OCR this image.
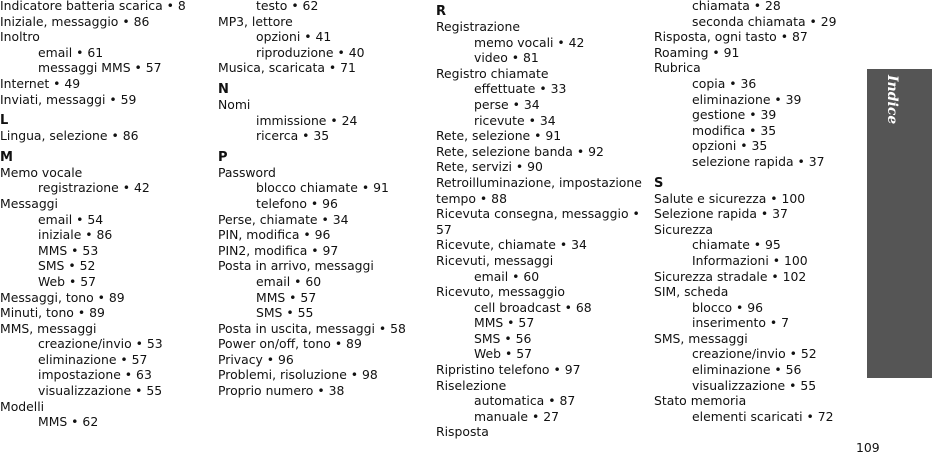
Indicatore batteria scarica • 8
Iniziale, messaggio • 86
Inoltro
email • 61
messaggi MMS • 57
Internet • 49
Inviati, messaggi • 59
L
Lingua, selezione • 86
M
Memo vocale
registrazione • 42
Messaggi
email • 54
iniziale • 86
MMS • 53
SMS • 52
Web • 57
Messaggi, tono • 89
Minuti, tono • 89
MMS, messaggi
creazione/invio • 53
eliminazione • 57
impostazione • 63
visualizzazione • 55
Modelli
MMS • 62
testo • 62
MP3, lettore
opzioni • 41
riproduzione • 40
Musica, scaricata • 71
N
Nomi
immissione • 24
ricerca • 35
P
Password
blocco chiamate • 91
telefono • 96
Perse, chiamate • 34
PIN, modifica • 96
PIN2, modifica • 97
Posta in arrivo, messaggi
email • 60
MMS • 57
SMS • 55
Posta in uscita, messaggi • 58
Power on/off, tono • 89
Privacy • 96
Problemi, risoluzione • 98
Proprio numero • 38
R
Registrazione
memo vocali • 42
video • 81
Registro chiamate
effettuate • 33
perse • 34
ricevute • 34
Rete, selezione • 91
Rete, selezione banda • 92
Rete, servizi • 90
Retroilluminazione, impostazione tempo • 88
Ricevuta consegna, messaggio • 57
Ricevute, chiamate • 34
Ricevuti, messaggi
email • 60
Ricevuto, messaggio
cell broadcast • 68
MMS • 57
SMS • 56
Web • 57
Ripristino telefono • 97
Riselezione
automatica • 87
manuale • 27
Risposta
chiamata • 28
seconda chiamata • 29
Risposta, ogni tasto • 87
Roaming • 91
Rubrica
copia • 36
eliminazione • 39
gestione • 39
modifica • 35
opzioni • 35
selezione rapida • 37
S
Salute e sicurezza • 100
Selezione rapida • 37
Sicurezza
chiamate • 95
Informazioni • 100
Sicurezza stradale • 102
SIM, scheda
blocco • 96
inserimento • 7
SMS, messaggi
creazione/invio • 52
eliminazione • 56
visualizzazione • 55
Stato memoria
elementi scaricati • 72
Indice
109
